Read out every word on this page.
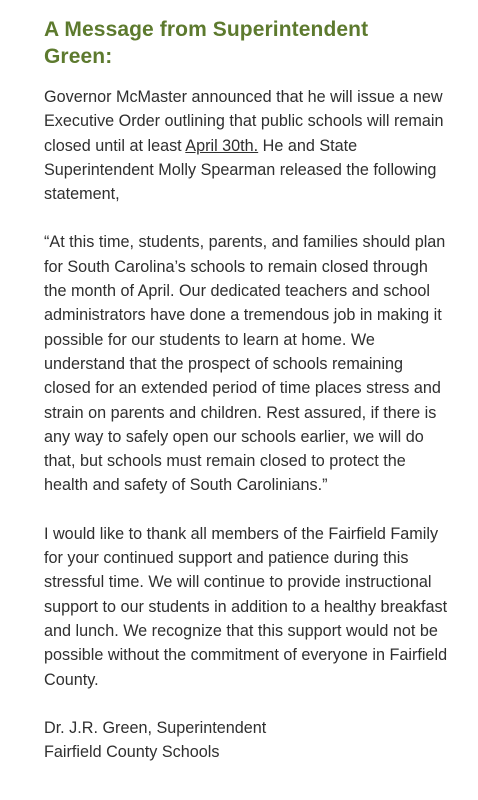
A Message from Superintendent
Green:

Governor McMaster announced that he will issue a new Executive Order outlining that public schools will remain closed until at least April 30th. He and State Superintendent Molly Spearman released the following statement,

“At this time, students, parents, and families should plan for South Carolina’s schools to remain closed through the month of April. Our dedicated teachers and school administrators have done a tremendous job in making it possible for our students to learn at home. We understand that the prospect of schools remaining closed for an extended period of time places stress and strain on parents and children. Rest assured, if there is any way to safely open our schools earlier, we will do that, but schools must remain closed to protect the health and safety of South Carolinians.”

I would like to thank all members of the Fairfield Family for your continued support and patience during this stressful time. We will continue to provide instructional support to our students in addition to a healthy breakfast and lunch. We recognize that this support would not be possible without the commitment of everyone in Fairfield County.

Dr. J.R. Green, Superintendent
Fairfield County Schools
